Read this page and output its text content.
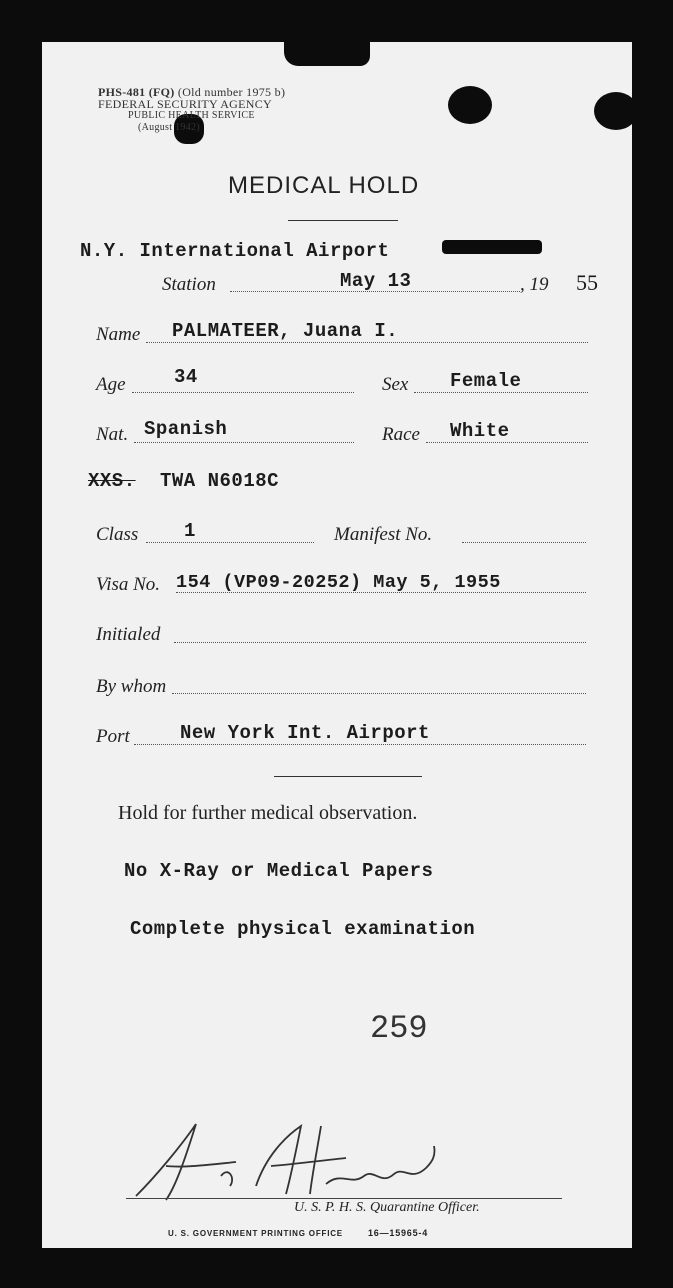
PHS-481 (FQ) (Old number 1975 b)
FEDERAL SECURITY AGENCY
PUBLIC HEALTH SERVICE
(August 1942)
MEDICAL HOLD
N.Y. International Airport
Station	May 13	, 19 55
Name PALMATEER, Juana I.
Age	34	Sex Female
Nat. Spanish	Race White
XXS. TWA N6018C
Class 1	Manifest No.
Visa No. 154 (VP09-20252) May 5, 1955
Initialed
By whom
Port	New York Int. Airport
Hold for further medical observation.
No X-Ray or Medical Papers
Complete physical examination
259
U. S. P. H. S. Quarantine Officer.
U. S. GOVERNMENT PRINTING OFFICE	16—15965-4
